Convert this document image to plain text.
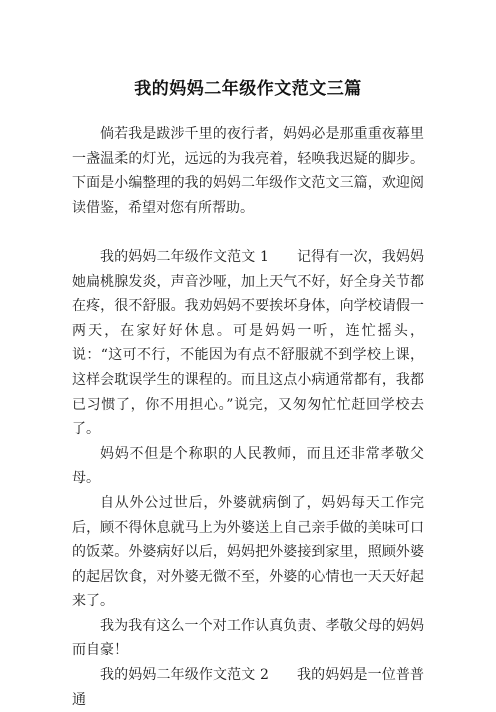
我的妈妈二年级作文范文三篇

倘若我是跋涉千里的夜行者，妈妈必是那重重夜幕里一盏温柔的灯光，远远的为我亮着，轻唤我迟疑的脚步。下面是小编整理的我的妈妈二年级作文范文三篇，欢迎阅读借鉴，希望对您有所帮助。

我的妈妈二年级作文范文 1 记得有一次，我妈妈她扁桃腺发炎，声音沙哑，加上天气不好，好全身关节都在疼，很不舒服。我劝妈妈不要挨坏身体，向学校请假一两天，在家好好休息。可是妈妈一听，连忙摇头，说：“这可不行，不能因为有点不舒服就不到学校上课，这样会耽误学生的课程的。而且这点小病通常都有，我都已习惯了，你不用担心。”说完，又匆匆忙忙赶回学校去了。

妈妈不但是个称职的人民教师，而且还非常孝敬父母。

自从外公过世后，外婆就病倒了，妈妈每天工作完后，顾不得休息就马上为外婆送上自己亲手做的美味可口的饭菜。外婆病好以后，妈妈把外婆接到家里，照顾外婆的起居饮食，对外婆无微不至，外婆的心情也一天天好起来了。

我为我有这么一个对工作认真负责、孝敬父母的妈妈而自豪！

我的妈妈二年级作文范文 2 我的妈妈是一位普普通
